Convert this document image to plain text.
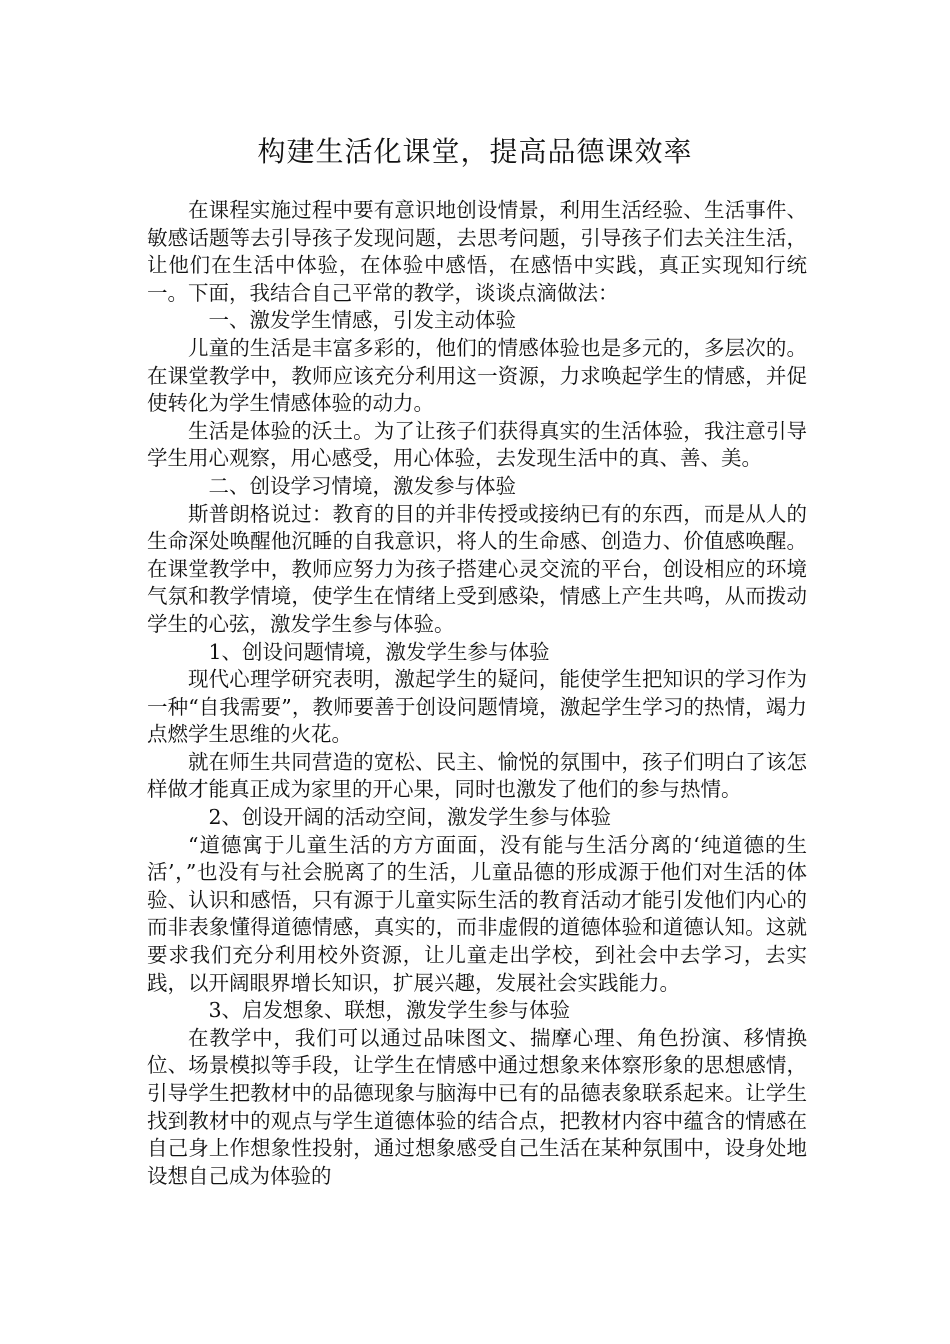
构建生活化课堂，提高品德课效率

在课程实施过程中要有意识地创设情景，利用生活经验、生活事件、敏感话题等去引导孩子发现问题，去思考问题，引导孩子们去关注生活，让他们在生活中体验，在体验中感悟，在感悟中实践，真正实现知行统一。下面，我结合自己平常的教学，谈谈点滴做法：

一、激发学生情感，引发主动体验

儿童的生活是丰富多彩的，他们的情感体验也是多元的，多层次的。在课堂教学中，教师应该充分利用这一资源，力求唤起学生的情感，并促使转化为学生情感体验的动力。

生活是体验的沃土。为了让孩子们获得真实的生活体验，我注意引导学生用心观察，用心感受，用心体验，去发现生活中的真、善、美。

二、创设学习情境，激发参与体验

斯普朗格说过：教育的目的并非传授或接纳已有的东西，而是从人的生命深处唤醒他沉睡的自我意识，将人的生命感、创造力、价值感唤醒。在课堂教学中，教师应努力为孩子搭建心灵交流的平台，创设相应的环境气氛和教学情境，使学生在情绪上受到感染，情感上产生共鸣，从而拨动学生的心弦，激发学生参与体验。

1、创设问题情境，激发学生参与体验

现代心理学研究表明，激起学生的疑问，能使学生把知识的学习作为一种“自我需要”，教师要善于创设问题情境，激起学生学习的热情，竭力点燃学生思维的火花。

就在师生共同营造的宽松、民主、愉悦的氛围中，孩子们明白了该怎样做才能真正成为家里的开心果，同时也激发了他们的参与热情。

2、创设开阔的活动空间，激发学生参与体验

“道德寓于儿童生活的方方面面，没有能与生活分离的‘纯道德的生活’，”也没有与社会脱离了的生活，儿童品德的形成源于他们对生活的体验、认识和感悟，只有源于儿童实际生活的教育活动才能引发他们内心的而非表象懂得道德情感，真实的，而非虚假的道德体验和道德认知。这就要求我们充分利用校外资源，让儿童走出学校，到社会中去学习，去实践，以开阔眼界增长知识，扩展兴趣，发展社会实践能力。

3、启发想象、联想，激发学生参与体验

在教学中，我们可以通过品味图文、揣摩心理、角色扮演、移情换位、场景模拟等手段，让学生在情感中通过想象来体察形象的思想感情，引导学生把教材中的品德现象与脑海中已有的品德表象联系起来。让学生找到教材中的观点与学生道德体验的结合点，把教材内容中蕴含的情感在自己身上作想象性投射，通过想象感受自己生活在某种氛围中，设身处地设想自己成为体验的
